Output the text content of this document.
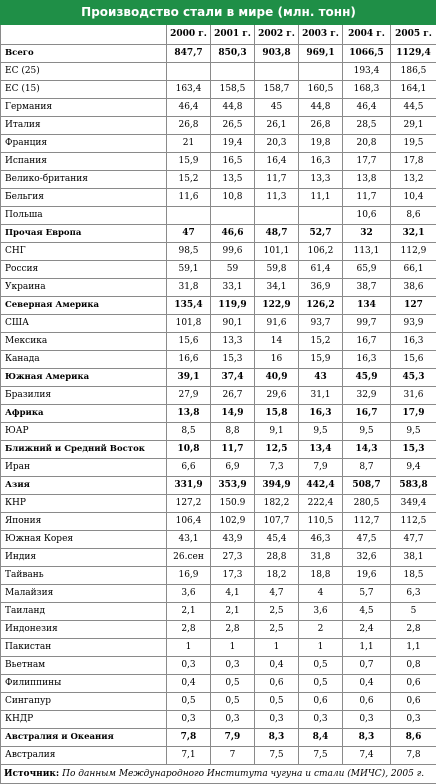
Производство стали в мире (млн. тонн)						
	2000 г.	2001 г.	2002 г.	2003 г.	2004 г.	2005 г.
Всего	847,7	850,3	903,8	969,1	1066,5	1129,4
ЕС (25)					193,4	186,5
ЕС (15)	163,4	158,5	158,7	160,5	168,3	164,1
Германия	46,4	44,8	45	44,8	46,4	44,5
Италия	26,8	26,5	26,1	26,8	28,5	29,1
Франция	21	19,4	20,3	19,8	20,8	19,5
Испания	15,9	16,5	16,4	16,3	17,7	17,8
Велико-британия	15,2	13,5	11,7	13,3	13,8	13,2
Бельгия	11,6	10,8	11,3	11,1	11,7	10,4
Польша					10,6	8,6
Прочая Европа	47	46,6	48,7	52,7	32	32,1
СНГ	98,5	99,6	101,1	106,2	113,1	112,9
Россия	59,1	59	59,8	61,4	65,9	66,1
Украина	31,8	33,1	34,1	36,9	38,7	38,6
Северная Америка	135,4	119,9	122,9	126,2	134	127
США	101,8	90,1	91,6	93,7	99,7	93,9
Мексика	15,6	13,3	14	15,2	16,7	16,3
Канада	16,6	15,3	16	15,9	16,3	15,6
Южная Америка	39,1	37,4	40,9	43	45,9	45,3
Бразилия	27,9	26,7	29,6	31,1	32,9	31,6
Африка	13,8	14,9	15,8	16,3	16,7	17,9
ЮАР	8,5	8,8	9,1	9,5	9,5	9,5
Ближний и Средний Восток	10,8	11,7	12,5	13,4	14,3	15,3
Иран	6,6	6,9	7,3	7,9	8,7	9,4
Азия	331,9	353,9	394,9	442,4	508,7	583,8
КНР	127,2	150.9	182,2	222,4	280,5	349,4
Япония	106,4	102,9	107,7	110,5	112,7	112,5
Южная Корея	43,1	43,9	45,4	46,3	47,5	47,7
Индия	26.сен	27,3	28,8	31,8	32,6	38,1
Тайвань	16,9	17,3	18,2	18,8	19,6	18,5
Малайзия	3,6	4,1	4,7	4	5,7	6,3
Таиланд	2,1	2,1	2,5	3,6	4,5	5
Индонезия	2,8	2,8	2,5	2	2,4	2,8
Пакистан	1	1	1	1	1,1	1,1
Вьетнам	0,3	0,3	0,4	0,5	0,7	0,8
Филиппины	0,4	0,5	0,6	0,5	0,4	0,6
Сингапур	0,5	0,5	0,5	0,6	0,6	0,6
КНДР	0,3	0,3	0,3	0,3	0,3	0,3
Австралия и Океания	7,8	7,9	8,3	8,4	8,3	8,6
Австралия	7,1	7	7,5	7,5	7,4	7,8
Источник: По данным Международного Института чугуна и стали (МИЧС), 2005 г.						
